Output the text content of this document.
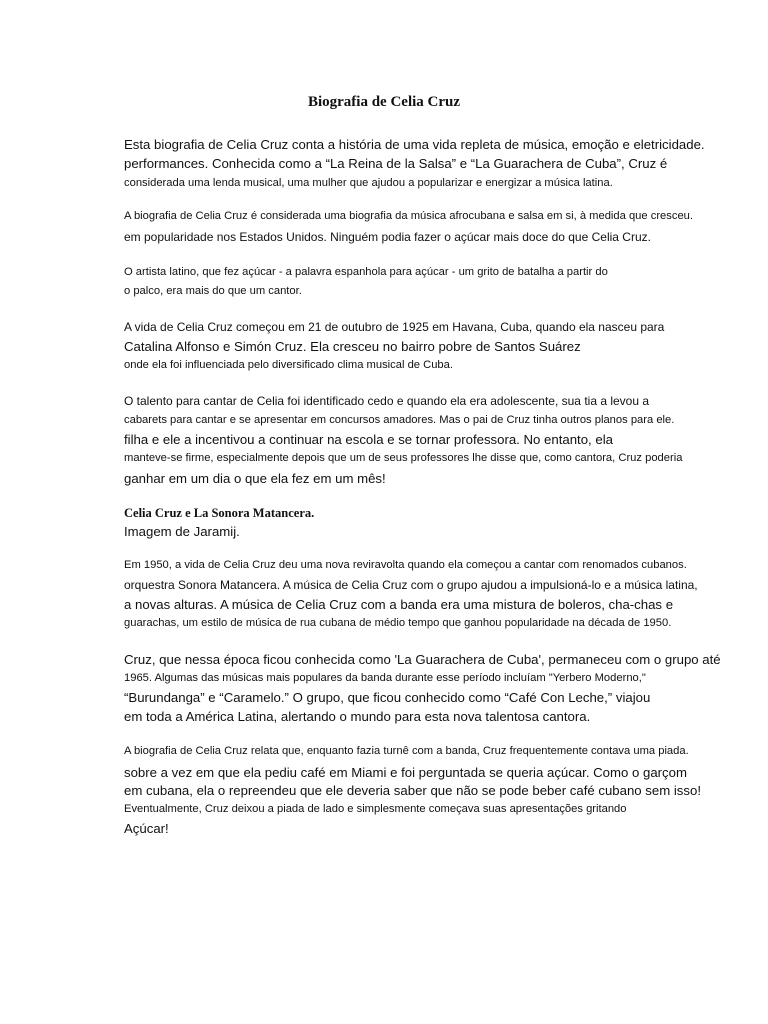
Biografia de Celia Cruz
Esta biografia de Celia Cruz conta a história de uma vida repleta de música, emoção e eletricidade.
performances. Conhecida como a “La Reina de la Salsa” e “La Guarachera de Cuba”, Cruz é
considerada uma lenda musical, uma mulher que ajudou a popularizar e energizar a música latina.
A biografia de Celia Cruz é considerada uma biografia da música afrocubana e salsa em si, à medida que cresceu.
em popularidade nos Estados Unidos. Ninguém podia fazer o açúcar mais doce do que Celia Cruz.
O artista latino, que fez açúcar - a palavra espanhola para açúcar - um grito de batalha a partir do
o palco, era mais do que um cantor.
A vida de Celia Cruz começou em 21 de outubro de 1925 em Havana, Cuba, quando ela nasceu para
Catalina Alfonso e Simón Cruz. Ela cresceu no bairro pobre de Santos Suárez
onde ela foi influenciada pelo diversificado clima musical de Cuba.
O talento para cantar de Celia foi identificado cedo e quando ela era adolescente, sua tia a levou a
cabarets para cantar e se apresentar em concursos amadores. Mas o pai de Cruz tinha outros planos para ele.
filha e ele a incentivou a continuar na escola e se tornar professora. No entanto, ela
manteve-se firme, especialmente depois que um de seus professores lhe disse que, como cantora, Cruz poderia
ganhar em um dia o que ela fez em um mês!
Celia Cruz e La Sonora Matancera.
Imagem de Jaramij.
Em 1950, a vida de Celia Cruz deu uma nova reviravolta quando ela começou a cantar com renomados cubanos.
orquestra Sonora Matancera. A música de Celia Cruz com o grupo ajudou a impulsioná-lo e a música latina,
a novas alturas. A música de Celia Cruz com a banda era uma mistura de boleros, cha-chas e
guarachas, um estilo de música de rua cubana de médio tempo que ganhou popularidade na década de 1950.
Cruz, que nessa época ficou conhecida como 'La Guarachera de Cuba', permaneceu com o grupo até
1965. Algumas das músicas mais populares da banda durante esse período incluíam "Yerbero Moderno,"
“Burundanga” e “Caramelo.” O grupo, que ficou conhecido como “Café Con Leche,” viajou
em toda a América Latina, alertando o mundo para esta nova talentosa cantora.
A biografia de Celia Cruz relata que, enquanto fazia turnê com a banda, Cruz frequentemente contava uma piada.
sobre a vez em que ela pediu café em Miami e foi perguntada se queria açúcar. Como o garçom
em cubana, ela o repreendeu que ele deveria saber que não se pode beber café cubano sem isso!
Eventualmente, Cruz deixou a piada de lado e simplesmente começava suas apresentações gritando
Açúcar!
